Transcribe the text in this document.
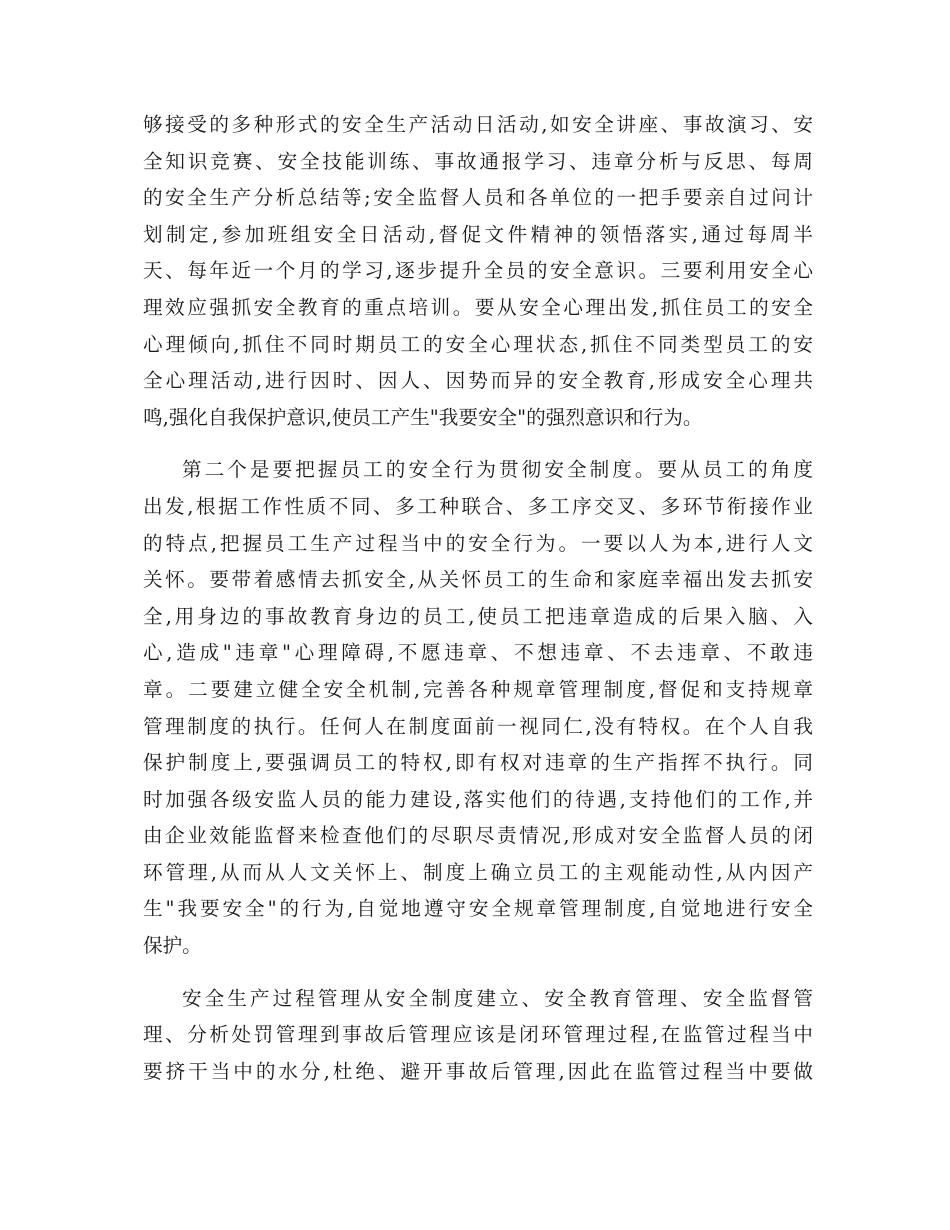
够接受的多种形式的安全生产活动日活动,如安全讲座、事故演习、安
全知识竞赛、安全技能训练、事故通报学习、违章分析与反思、每周
的安全生产分析总结等;安全监督人员和各单位的一把手要亲自过问计
划制定,参加班组安全日活动,督促文件精神的领悟落实,通过每周半
天、每年近一个月的学习,逐步提升全员的安全意识。三要利用安全心
理效应强抓安全教育的重点培训。要从安全心理出发,抓住员工的安全
心理倾向,抓住不同时期员工的安全心理状态,抓住不同类型员工的安
全心理活动,进行因时、因人、因势而异的安全教育,形成安全心理共
鸣,强化自我保护意识,使员工产生"我要安全"的强烈意识和行为。

第二个是要把握员工的安全行为贯彻安全制度。要从员工的角度
出发,根据工作性质不同、多工种联合、多工序交叉、多环节衔接作业
的特点,把握员工生产过程当中的安全行为。一要以人为本,进行人文
关怀。要带着感情去抓安全,从关怀员工的生命和家庭幸福出发去抓安
全,用身边的事故教育身边的员工,使员工把违章造成的后果入脑、入
心,造成"违章"心理障碍,不愿违章、不想违章、不去违章、不敢违
章。二要建立健全安全机制,完善各种规章管理制度,督促和支持规章
管理制度的执行。任何人在制度面前一视同仁,没有特权。在个人自我
保护制度上,要强调员工的特权,即有权对违章的生产指挥不执行。同
时加强各级安监人员的能力建设,落实他们的待遇,支持他们的工作,并
由企业效能监督来检查他们的尽职尽责情况,形成对安全监督人员的闭
环管理,从而从人文关怀上、制度上确立员工的主观能动性,从内因产
生"我要安全"的行为,自觉地遵守安全规章管理制度,自觉地进行安全
保护。

安全生产过程管理从安全制度建立、安全教育管理、安全监督管
理、分析处罚管理到事故后管理应该是闭环管理过程,在监管过程当中
要挤干当中的水分,杜绝、避开事故后管理,因此在监管过程当中要做
